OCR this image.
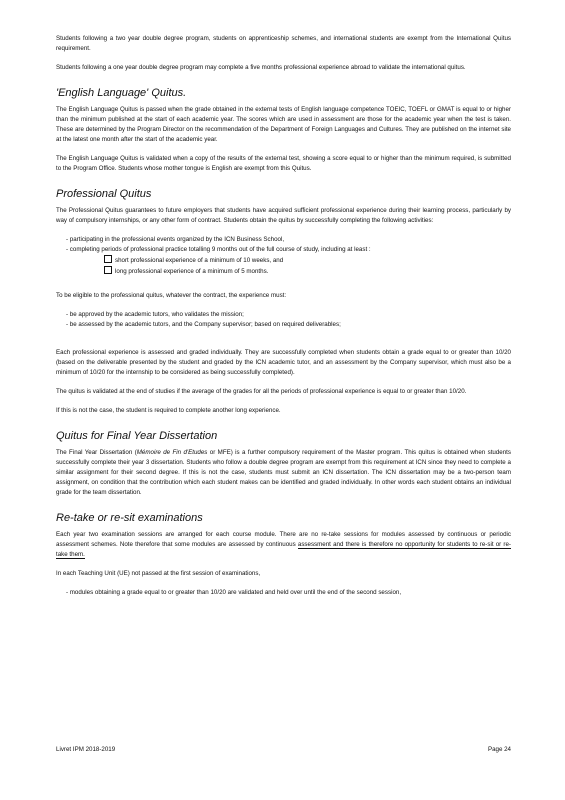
Students following a two year double degree program, students on apprenticeship schemes, and international students are exempt from the International Quitus requirement.

Students following a one year double degree program may complete a five months professional experience abroad to validate the international quitus.

'English Language' Quitus.

The English Language Quitus is passed when the grade obtained in the external tests of English language competence TOEIC, TOEFL or GMAT is equal to or higher than the minimum published at the start of each academic year. The scores which are used in assessment are those for the academic year when the test is taken. These are determined by the Program Director on the recommendation of the Department of Foreign Languages and Cultures. They are published on the internet site at the latest one month after the start of the academic year.

The English Language Quitus is validated when a copy of the results of the external test, showing a score equal to or higher than the minimum required, is submitted to the Program Office. Students whose mother tongue is English are exempt from this Quitus.

Professional Quitus

The Professional Quitus guarantees to future employers that students have acquired sufficient professional experience during their learning process, particularly by way of compulsory internships, or any other form of contract. Students obtain the quitus by successfully completing the following activities:

- participating in the professional events organized by the ICN Business School,
- completing periods of professional practice totalling 9 months out of the full course of study, including at least :
short professional experience of a minimum of 10 weeks, and
long professional experience of a minimum of 5 months.

To be eligible to the professional quitus, whatever the contract, the experience must:

- be approved by the academic tutors, who validates the mission;
- be assessed by the academic tutors, and the Company supervisor; based on required deliverables;

Each professional experience is assessed and graded individually. They are successfully completed when students obtain a grade equal to or greater than 10/20 (based on the deliverable presented by the student and graded by the ICN academic tutor, and an assessment by the Company supervisor, which must also be a minimum of 10/20 for the internship to be considered as being successfully completed).

The quitus is validated at the end of studies if the average of the grades for all the periods of professional experience is equal to or greater than 10/20.

If this is not the case, the student is required to complete another long experience.

Quitus for Final Year Dissertation

The Final Year Dissertation (Mémoire de Fin d'Etudes or MFE) is a further compulsory requirement of the Master program. This quitus is obtained when students successfully complete their year 3 dissertation. Students who follow a double degree program are exempt from this requirement at ICN since they need to complete a similar assignment for their second degree. If this is not the case, students must submit an ICN dissertation. The ICN dissertation may be a two-person team assignment, on condition that the contribution which each student makes can be identified and graded individually. In other words each student obtains an individual grade for the team dissertation.

Re-take or re-sit examinations

Each year two examination sessions are arranged for each course module. There are no re-take sessions for modules assessed by continuous or periodic assessment schemes. Note therefore that some modules are assessed by continuous assessment and there is therefore no opportunity for students to re-sit or re-take them.

In each Teaching Unit (UE) not passed at the first session of examinations,

- modules obtaining a grade equal to or greater than 10/20 are validated and held over until the end of the second session,
Livret IPM 2018-2019	Page 24
